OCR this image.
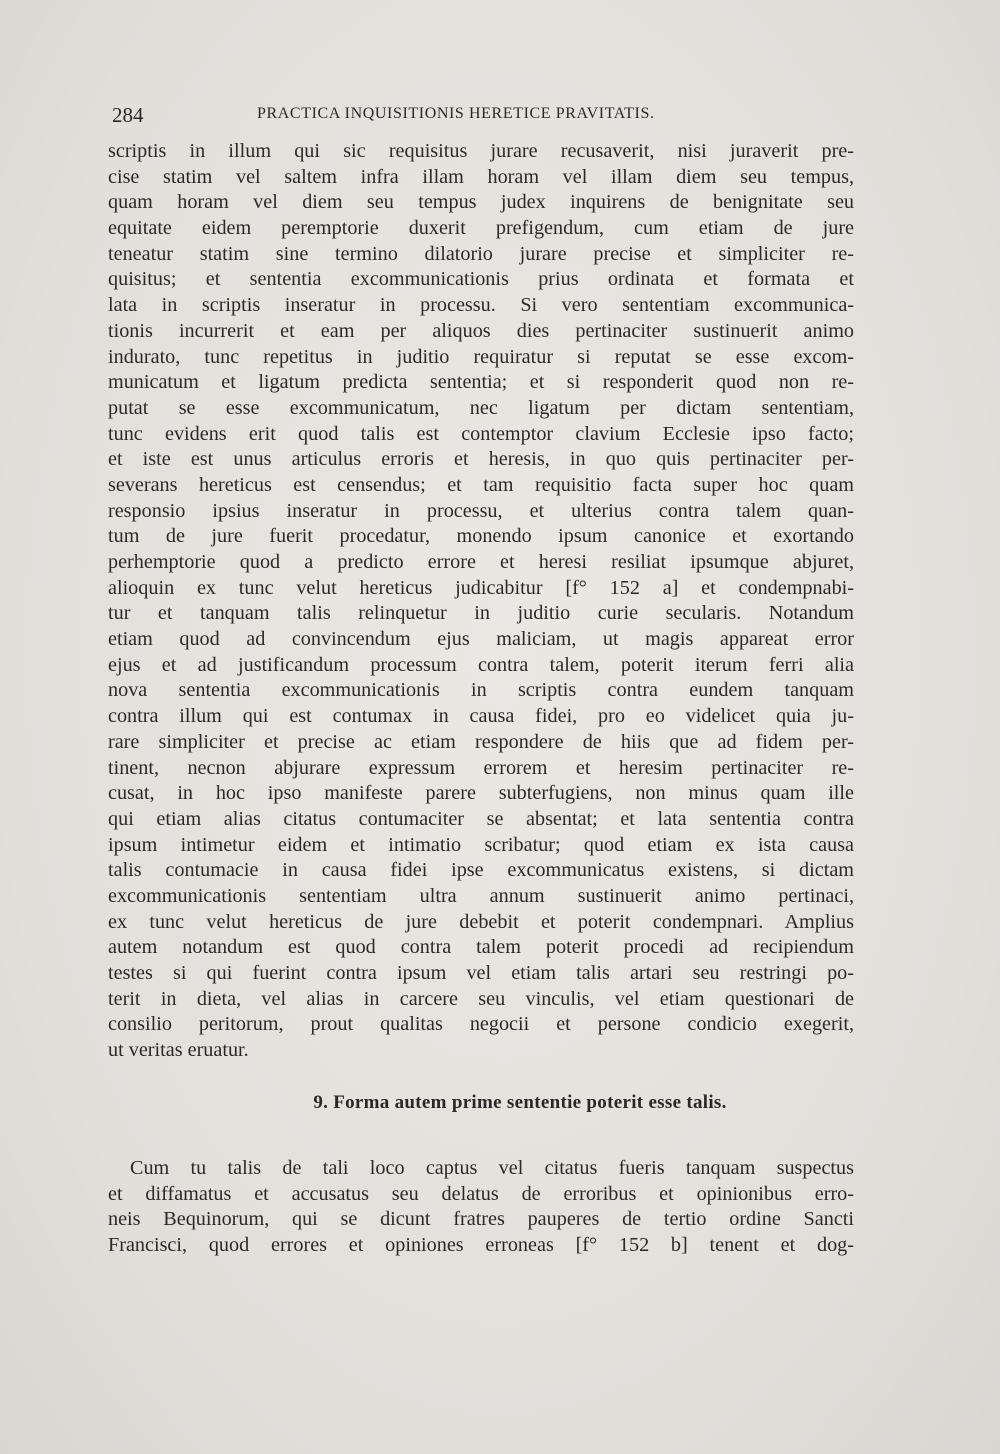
284	PRACTICA INQUISITIONIS HERETICE PRAVITATIS.
scriptis in illum qui sic requisitus jurare recusaverit, nisi juraverit pre-
cise statim vel saltem infra illam horam vel illam diem seu tempus,
quam horam vel diem seu tempus judex inquirens de benignitate seu
equitate eidem peremptorie duxerit prefigendum, cum etiam de jure
teneatur statim sine termino dilatorio jurare precise et simpliciter re-
quisitus; et sententia excommunicationis prius ordinata et formata et
lata in scriptis inseratur in processu. Si vero sententiam excommunica-
tionis incurrerit et eam per aliquos dies pertinaciter sustinuerit animo
indurato, tunc repetitus in juditio requiratur si reputat se esse excom-
municatum et ligatum predicta sententia; et si responderit quod non re-
putat se esse excommunicatum, nec ligatum per dictam sententiam,
tunc evidens erit quod talis est contemptor clavium Ecclesie ipso facto;
et iste est unus articulus erroris et heresis, in quo quis pertinaciter per-
severans hereticus est censendus; et tam requisitio facta super hoc quam
responsio ipsius inseratur in processu, et ulterius contra talem quan-
tum de jure fuerit procedatur, monendo ipsum canonice et exortando
perhemptorie quod a predicto errore et heresi resiliat ipsumque abjuret,
alioquin ex tunc velut hereticus judicabitur [f° 152 a] et condempnabi-
tur et tanquam talis relinquetur in juditio curie secularis. Notandum
etiam quod ad convincendum ejus maliciam, ut magis appareat error
ejus et ad justificandum processum contra talem, poterit iterum ferri alia
nova sententia excommunicationis in scriptis contra eundem tanquam
contra illum qui est contumax in causa fidei, pro eo videlicet quia ju-
rare simpliciter et precise ac etiam respondere de hiis que ad fidem per-
tinent, necnon abjurare expressum errorem et heresim pertinaciter re-
cusat, in hoc ipso manifeste parere subterfugiens, non minus quam ille
qui etiam alias citatus contumaciter se absentat; et lata sententia contra
ipsum intimetur eidem et intimatio scribatur; quod etiam ex ista causa
talis contumacie in causa fidei ipse excommunicatus existens, si dictam
excommunicationis sententiam ultra annum sustinuerit animo pertinaci,
ex tunc velut hereticus de jure debebit et poterit condempnari. Amplius
autem notandum est quod contra talem poterit procedi ad recipiendum
testes si qui fuerint contra ipsum vel etiam talis artari seu restringi po-
terit in dieta, vel alias in carcere seu vinculis, vel etiam questionari de
consilio peritorum, prout qualitas negocii et persone condicio exegerit,
ut veritas eruatur.
9. Forma autem prime sententie poterit esse talis.
Cum tu talis de tali loco captus vel citatus fueris tanquam suspectus
et diffamatus et accusatus seu delatus de erroribus et opinionibus erro-
neis Bequinorum, qui se dicunt fratres pauperes de tertio ordine Sancti
Francisci, quod errores et opiniones erroneas [f° 152 b] tenent et dog-
